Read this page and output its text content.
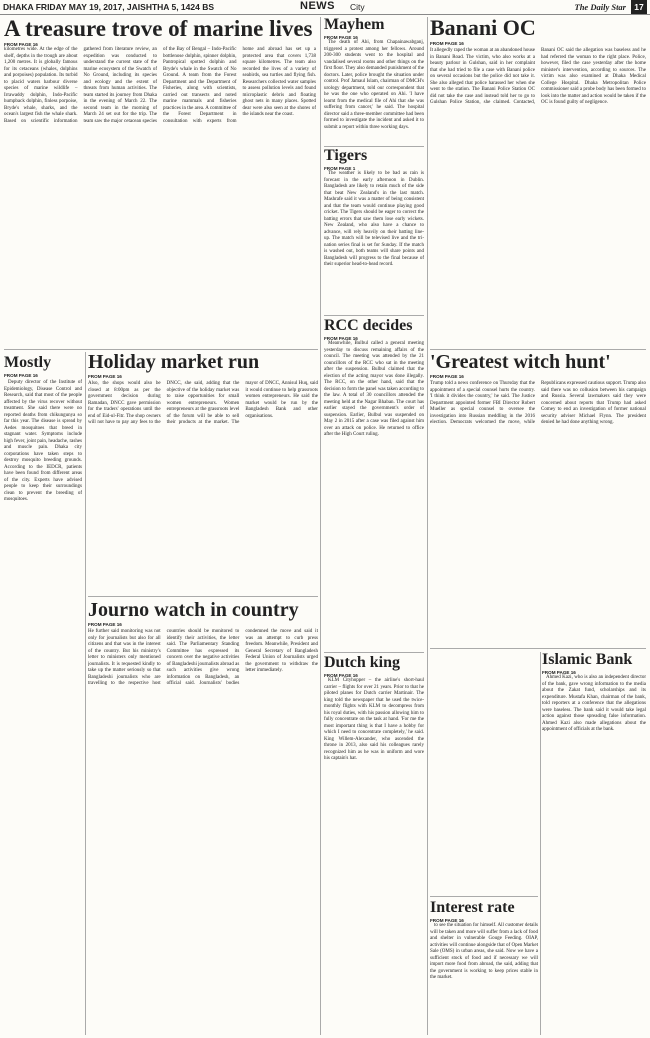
DHAKA FRIDAY MAY 19, 2017, JAISHTHA 5, 1424 BS	NEWS City	The Daily Star 17
A treasure trove of marine lives
FROM PAGE 16

kilometres wide. At the edge of the shelf, depths in the trough are about 1,200 metres. It is globally famous for its cetaceans (whales, dolphins and porpoises) population. Its turbid to placid waters harbour diverse species of marine wildlife – Irrawaddy dolphin, Indo-Pacific humpback dolphin, finless porpoise, Bryde's whale, sharks, and the ocean's largest fish the whale shark. Based on scientific information gathered from literature review, an expedition was conducted to understand the current state of the marine ecosystem of the Swatch of No Ground, including its species and ecology and the extent of threats from human activities. The team started its journey from Dhaka in the evening of March 22. The second team in the morning of March 24 set out for the trip. The team saw the major cetacean species of the Bay of Bengal – Indo-Pacific bottlenose dolphin, spinner dolphin, Pantropical spotted dolphin and Bryde's whale in the Swatch of No Ground. A team from the Forest Department and the Department of Fisheries, along with scientists, carried out transects and noted marine mammals and fisheries practices in the area. A committee of the Forest Department in consultation with experts from home and abroad has set up a protected area that covers 1,738 square kilometres. The team also recorded the lives of a variety of seabirds, sea turtles and flying fish. Researchers collected water samples to assess pollution levels and found microplastic debris and floating ghost nets in many places. Spotted dear were also seen at the shores of the islands near the coast.

Mostly
FROM PAGE 16

Deputy director of the Institute of Epidemiology, Disease Control and Research, said that most of the people affected by the virus recover without treatment. She said there were no reported deaths from chikungunya so far this year. The disease is spread by Aedes mosquitoes that breed in stagnant water. Symptoms include high fever, joint pain, headache, rashes and muscle pain. Dhaka city corporations have taken steps to destroy mosquito breeding grounds. According to the IEDCR, patients have been found from different areas of the city. Experts have advised people to keep their surroundings clean to prevent the breeding of mosquitoes.

Holiday market run
FROM PAGE 16

Also, the shops would also be closed at 8:00pm as per the government decision during Ramadan, DNCC gave permission for the traders' operations until the end of Eid-ul-Fitr. The shop owners will not have to pay any fees to the DNCC, she said, adding that the objective of the holiday market was to raise opportunities for small women entrepreneurs. Women entrepreneurs at the grassroots level of the forum will be able to sell their products at the market. The mayor of DNCC, Annisul Huq, said it would continue to help grassroots women entrepreneurs. He said the market would be run by the Bangladesh Bank and other organisations.

Journo watch in country
FROM PAGE 16

He further said monitoring was not only for journalists but also for all citizens and that was in the interest of the country. But his ministry's letter to ministers only mentioned journalists. It is requested kindly to take up the matter seriously so that Bangladeshi journalists who are travelling to the respective host countries should be monitored to identify their activities, the letter said. The Parliamentary Standing Committee has expressed its concern over the negative activities of Bangladeshi journalists abroad as such activities give wrong information on Bangladesh, an official said. Journalists' bodies condemned the move and said it was an attempt to curb press freedom. Meanwhile, President and General Secretary of Bangladesh Federal Union of Journalists urged the government to withdraw the letter immediately.

Mayhem
FROM PAGE 16

The death of Ahi, from Chapainawabganj, triggered a protest among her fellows. Around 200-300 students went to the hospital and vandalised several rooms and other things on the first floor. They also demanded punishment of the doctors. Later, police brought the situation under control. Prof Jamaul Islam, chairman of DMCH's urology department, told our correspondent that he was the one who operated on Ahi. 'I have learnt from the medical file of Ahi that she was suffering from cancer,' he said. The hospital director said a three-member committee had been formed to investigate the incident and asked it to submit a report within three working days.

Tigers
FROM PAGE 1

The weather is likely to be bad as rain is forecast in the early afternoon in Dublin. Bangladesh are likely to retain much of the side that beat New Zealand's in the last match. Mashrafe said it was a matter of being consistent and that the team would continue playing good cricket. The Tigers should be eager to correct the batting errors that saw them lose early wickets. New Zealand, who also have a chance to advance, will rely heavily on their batting line-up. The match will be televised live and the tri-nation series final is set for Sunday. If the match is washed out, both teams will share points and Bangladesh will progress to the final because of their superior head-to-head record.

RCC decides
FROM PAGE 16

Meanwhile, Bulbul called a general meeting yesterday to discuss remaining affairs of the council. The meeting was attended by the 21 councillors of the RCC who sat in the meeting after the suspension. Bulbul claimed that the election of the acting mayor was done illegally. The RCC, on the other hand, said that the decision to form the panel was taken according to the law. A total of 30 councillors attended the meeting held at the Nagar Bhaban. The court has earlier stayed the government's order of suspension. Earlier, Bulbul was suspended on May 2 in 2015 after a case was filed against him over an attack on police. He returned to office after the High Court ruling.

Dutch king
FROM PAGE 16

KLM Cityhopper – the airline's short-haul carrier – flights for over 21 years. Prior to that he piloted planes for Dutch carrier Martinair. The king told the newspaper that he used the twice-monthly flights with KLM to decompress from his royal duties, with his passion allowing him to fully concentrate on the task at hand. 'For me the most important thing is that I have a hobby for which I need to concentrate completely,' he said. King Willem-Alexander, who ascended the throne in 2013, also said his colleagues rarely recognized him as he was in uniform and wore his captain's hat.

Banani OC
FROM PAGE 16

It allegedly raped the woman at an abandoned house in Banani Road. The victim, who also works at a beauty parlour in Gulshan, said in her complaint that she had tried to file a case with Banani police on several occasions but the police did not take it. She also alleged that police harassed her when she went to the station. The Banani Police Station OC did not take the case and instead told her to go to Gulshan Police Station, she claimed. Contacted, Banani OC said the allegation was baseless and he had referred the woman to the right place. Police, however, filed the case yesterday after the home minister's intervention, according to sources. The victim was also examined at Dhaka Medical College Hospital. Dhaka Metropolitan Police commissioner said a probe body has been formed to look into the matter and action would be taken if the OC is found guilty of negligence.

'Greatest witch hunt'
FROM PAGE 16

Trump told a news conference on Thursday that the appointment of a special counsel hurts the country. 'I think it divides the country,' he said. The Justice Department appointed former FBI Director Robert Mueller as special counsel to oversee the investigation into Russian meddling in the 2016 election. Democrats welcomed the move, while Republicans expressed cautious support. Trump also said there was no collusion between his campaign and Russia. Several lawmakers said they were concerned about reports that Trump had asked Comey to end an investigation of former national security adviser Michael Flynn. The president denied he had done anything wrong.

Islamic Bank
FROM PAGE 16

Ahmed Kazi, who is also an independent director of the bank, gave wrong information to the media about the Zakat fund, scholarships and its expenditure. Mustafa Khan, chairman of the bank, told reporters at a conference that the allegations were baseless. The bank said it would take legal action against those spreading false information. Ahmed Kazi also made allegations about the appointment of officials at the bank.

Interest rate
FROM PAGE 16

to see the situation for himself. All customer details will be taken and more will suffer from a lack of food and shelter in vulnerable Gouge Feeding. OIAP, activities will continue alongside that of Open Market Sale (OMS) in urban areas, she said. Now we have a sufficient stock of food and if necessary we will import more food from abroad, the said, adding that the government is working to keep prices stable in the market.
